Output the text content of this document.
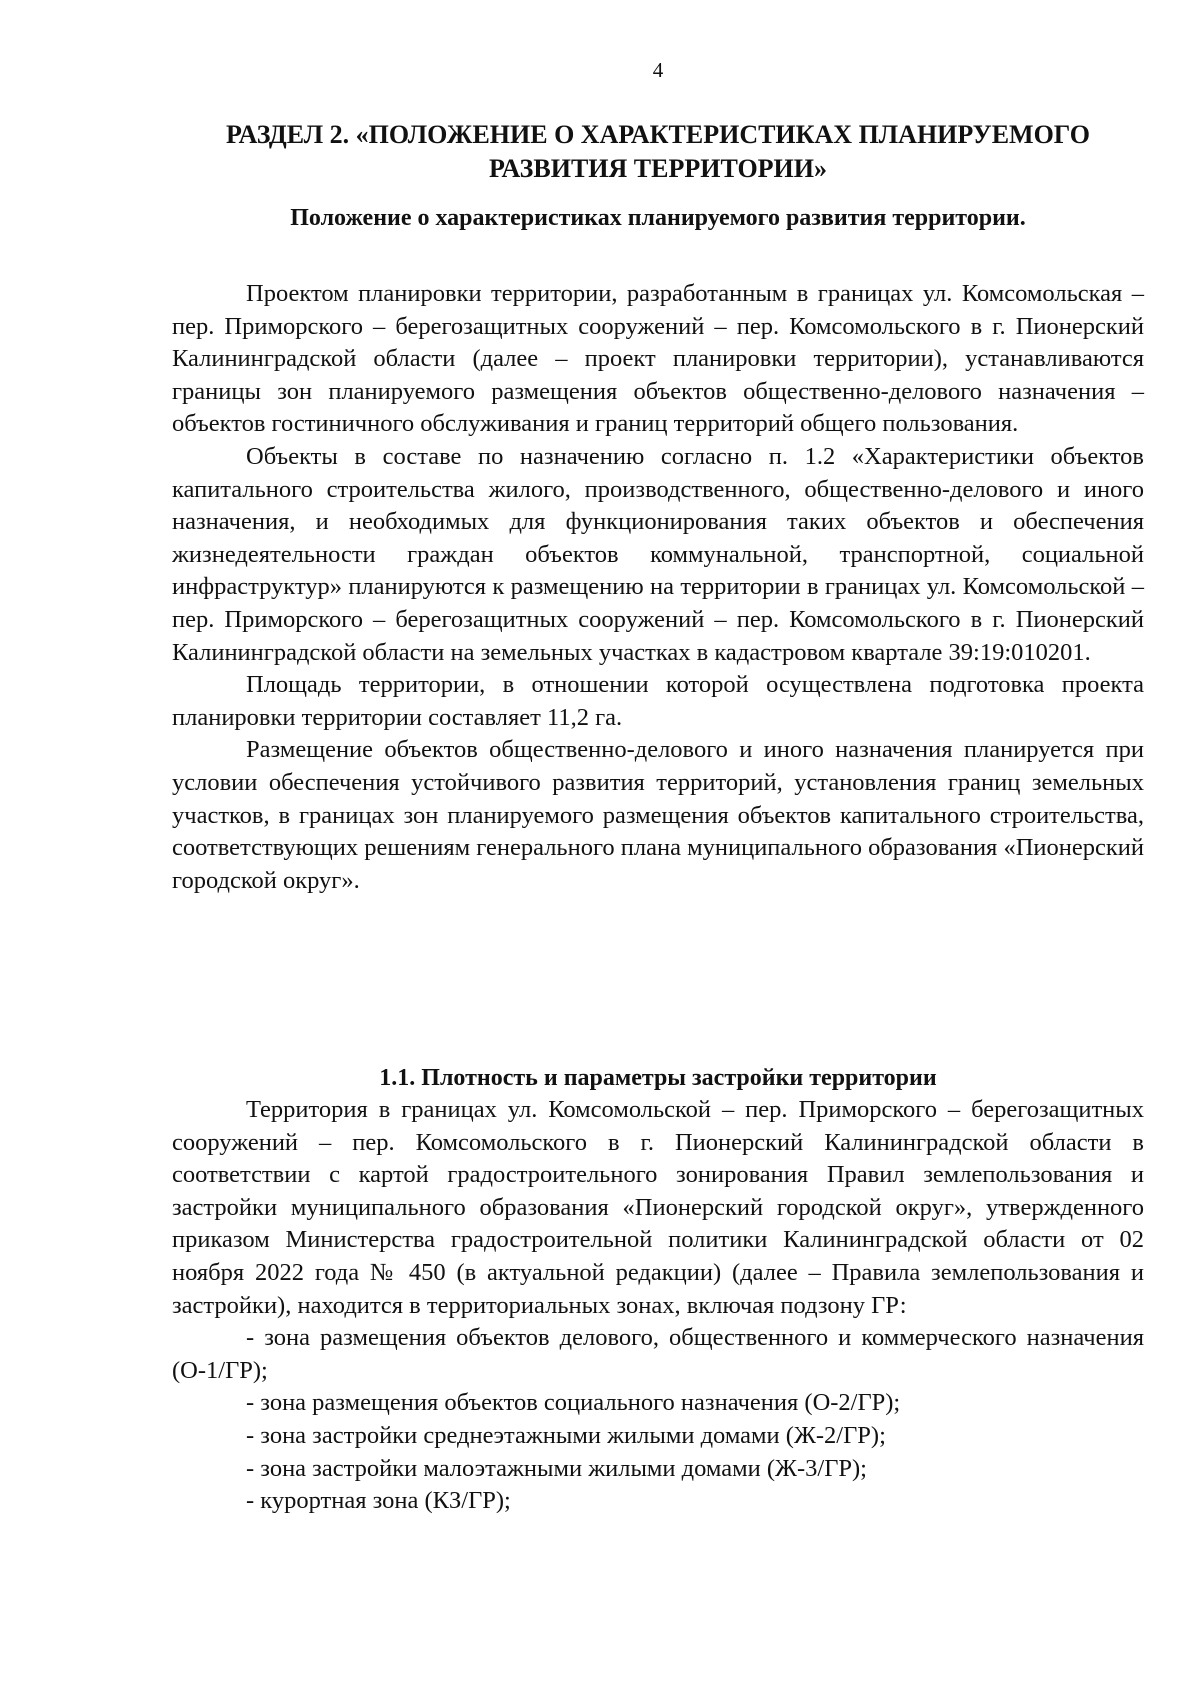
4
РАЗДЕЛ 2. «ПОЛОЖЕНИЕ О ХАРАКТЕРИСТИКАХ ПЛАНИРУЕМОГО РАЗВИТИЯ ТЕРРИТОРИИ»
Положение о характеристиках планируемого развития территории.

Проектом планировки территории, разработанным в границах ул. Комсомольская – пер. Приморского – берегозащитных сооружений – пер. Комсомольского в г. Пионерский Калининградской области (далее – проект планировки территории), устанавливаются границы зон планируемого размещения объектов общественно-делового назначения – объектов гостиничного обслуживания и границ территорий общего пользования.

Объекты в составе по назначению согласно п. 1.2 «Характеристики объектов капитального строительства жилого, производственного, общественно-делового и иного назначения, и необходимых для функционирования таких объектов и обеспечения жизнедеятельности граждан объектов коммунальной, транспортной, социальной инфраструктур» планируются к размещению на территории в границах ул. Комсомольской – пер. Приморского – берегозащитных сооружений – пер. Комсомольского в г. Пионерский Калининградской области на земельных участках в кадастровом квартале 39:19:010201.

Площадь территории, в отношении которой осуществлена подготовка проекта планировки территории составляет 11,2 га.

Размещение объектов общественно-делового и иного назначения планируется при условии обеспечения устойчивого развития территорий, установления границ земельных участков, в границах зон планируемого размещения объектов капитального строительства, соответствующих решениям генерального плана муниципального образования «Пионерский городской округ».

1.1. Плотность и параметры застройки территории

Территория в границах ул. Комсомольской – пер. Приморского – берегозащитных сооружений – пер. Комсомольского в г. Пионерский Калининградской области в соответствии с картой градостроительного зонирования Правил землепользования и застройки муниципального образования «Пионерский городской округ», утвержденного приказом Министерства градостроительной политики Калининградской области от 02 ноября 2022 года № 450 (в актуальной редакции) (далее – Правила землепользования и застройки), находится в территориальных зонах, включая подзону ГР:

- зона размещения объектов делового, общественного и коммерческого назначения (О-1/ГР);
- зона размещения объектов социального назначения (О-2/ГР);
- зона застройки среднеэтажными жилыми домами (Ж-2/ГР);
- зона застройки малоэтажными жилыми домами (Ж-3/ГР);
- курортная зона (КЗ/ГР);
